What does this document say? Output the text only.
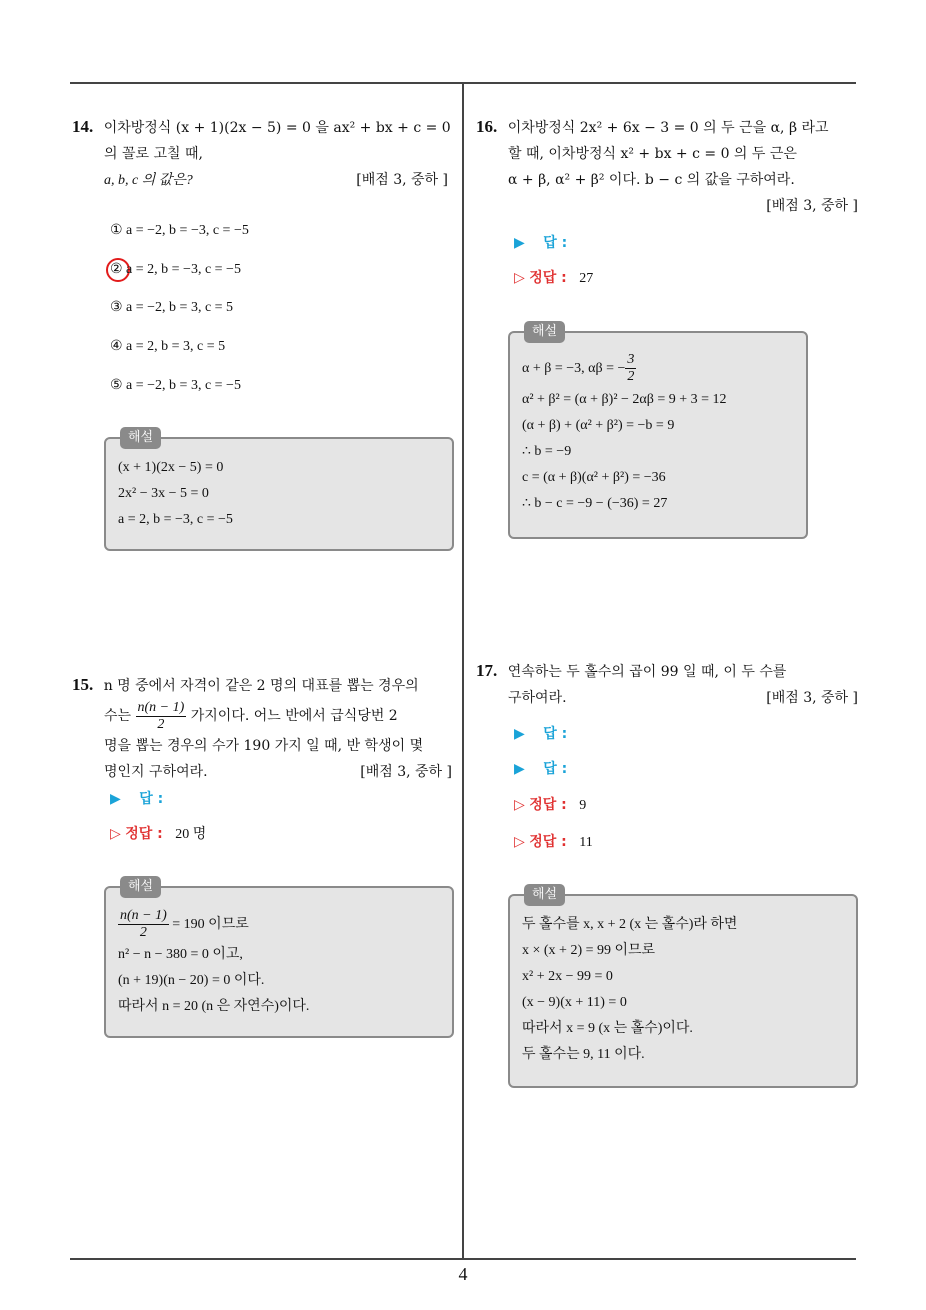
14. 이차방정식 (x + 1)(2x − 5) = 0 을 ax² + bx + c = 0
의 꼴로 고칠 때,
a, b, c 의 값은?	[배점 3, 중하 ]
① a = −2, b = −3, c = −5
② a = 2, b = −3, c = −5
③ a = −2, b = 3, c = 5
④ a = 2, b = 3, c = 5
⑤ a = −2, b = 3, c = −5
해설
(x + 1)(2x − 5) = 0
2x² − 3x − 5 = 0
a = 2, b = −3, c = −5
15. n 명 중에서 자격이 같은 2 명의 대표를 뽑는 경우의
수는 $\frac{n(n - 1)}{2}$ 가지이다. 어느 반에서 급식당번 2
명을 뽑는 경우의 수가 190 가지 일 때, 반 학생이 몇
명인지 구하여라.	[배점 3, 중하 ]
▶ 답 :
▷ 정답 : 20 명
해설
$\frac{n(n - 1)}{2} = 190$ 이므로
n² − n − 380 = 0 이고,
(n + 19)(n − 20) = 0 이다.
따라서 n = 20 (n 은 자연수)이다.
16. 이차방정식 2x² + 6x − 3 = 0 의 두 근을 α, β 라고
할 때, 이차방정식 x² + bx + c = 0 의 두 근은
α + β, α² + β² 이다. b − c 의 값을 구하여라.
[배점 3, 중하 ]
▶ 답 :
▷ 정답 : 27
해설
α + β = −3, αβ = − $\frac{3}{2}$
α² + β² = (α + β)² − 2αβ = 9 + 3 = 12
(α + β) + (α² + β²) = −b = 9
∴ b = −9
c = (α + β)(α² + β²) = −36
∴ b − c = −9 − (−36) = 27
17. 연속하는 두 홀수의 곱이 99 일 때, 이 두 수를
구하여라.	[배점 3, 중하 ]
▶ 답 :
▶ 답 :
▷ 정답 : 9
▷ 정답 : 11
해설
두 홀수를 x, x + 2 (x 는 홀수)라 하면
x × (x + 2) = 99 이므로
x² + 2x − 99 = 0
(x − 9)(x + 11) = 0
따라서 x = 9 (x 는 홀수)이다.
두 홀수는 9, 11 이다.
4
